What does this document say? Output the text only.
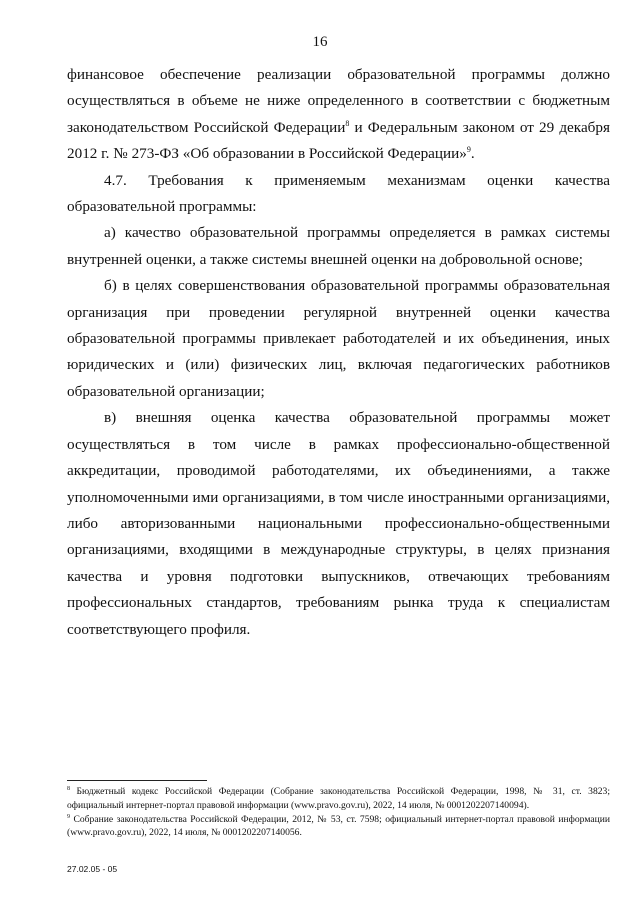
16

финансовое обеспечение реализации образовательной программы должно осуществляться в объеме не ниже определенного в соответствии с бюджетным законодательством Российской Федерации$^8$ и Федеральным законом от 29 декабря 2012 г. № 273-ФЗ «Об образовании в Российской Федерации»$^9$.

4.7. Требования к применяемым механизмам оценки качества образовательной программы:

а) качество образовательной программы определяется в рамках системы внутренней оценки, а также системы внешней оценки на добровольной основе;

б) в целях совершенствования образовательной программы образовательная организация при проведении регулярной внутренней оценки качества образовательной программы привлекает работодателей и их объединения, иных юридических и (или) физических лиц, включая педагогических работников образовательной организации;

в) внешняя оценка качества образовательной программы может осуществляться в том числе в рамках профессионально-общественной аккредитации, проводимой работодателями, их объединениями, а также уполномоченными ими организациями, в том числе иностранными организациями, либо авторизованными национальными профессионально-общественными организациями, входящими в международные структуры, в целях признания качества и уровня подготовки выпускников, отвечающих требованиям профессиональных стандартов, требованиям рынка труда к специалистам соответствующего профиля.

$^8$ Бюджетный кодекс Российской Федерации (Собрание законодательства Российской Федерации, 1998, № 31, ст. 3823; официальный интернет-портал правовой информации (www.pravo.gov.ru), 2022, 14 июля, № 0001202207140094).

$^9$ Собрание законодательства Российской Федерации, 2012, № 53, ст. 7598; официальный интернет-портал правовой информации (www.pravo.gov.ru), 2022, 14 июля, № 0001202207140056.

27.02.05 - 05
